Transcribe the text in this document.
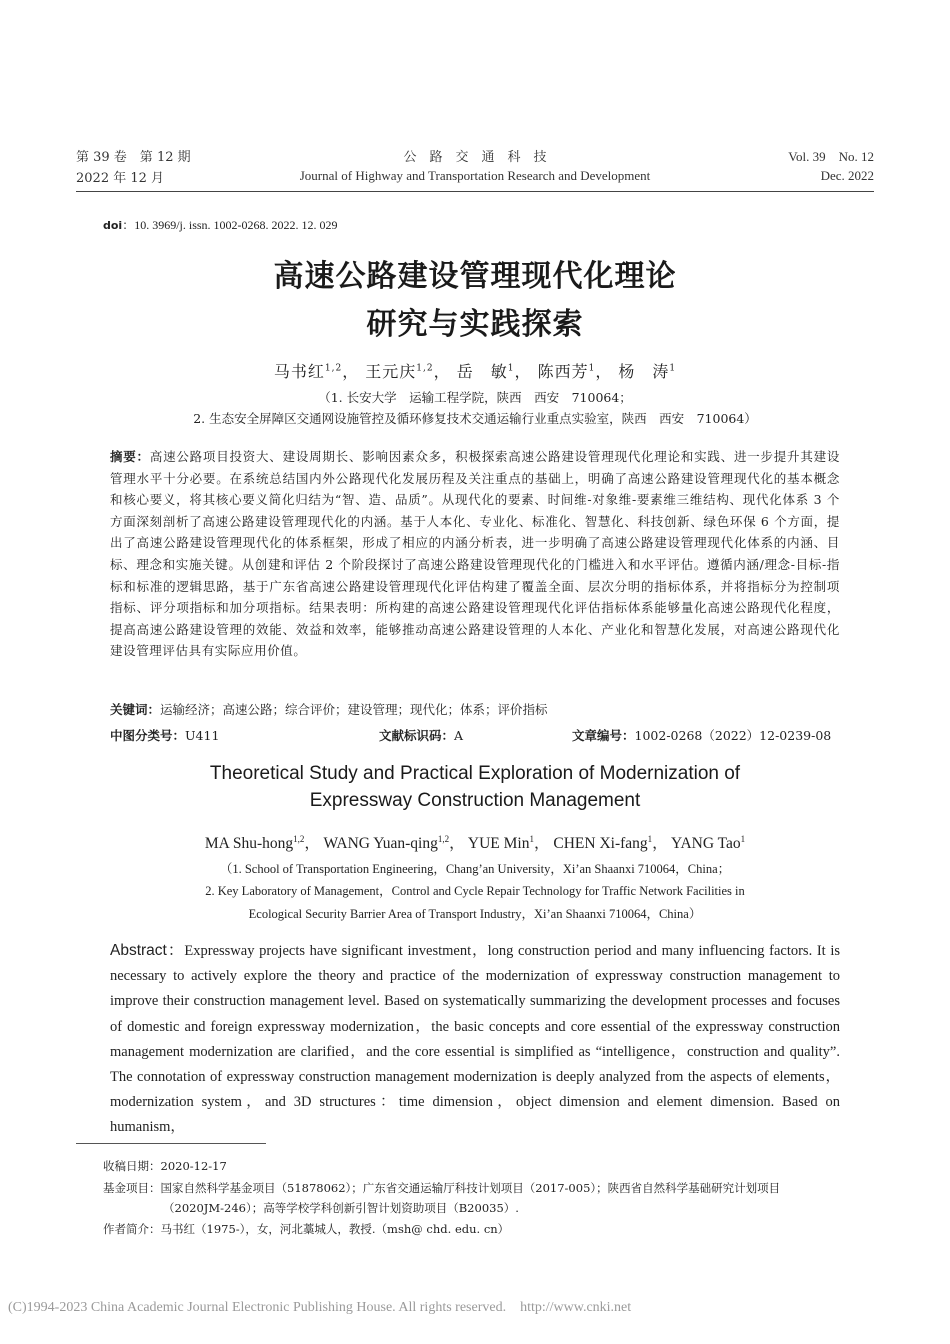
第 39 卷　第 12 期
2022 年 12 月
公　路　交　通　科　技
Journal of Highway and Transportation Research and Development
Vol. 39　No. 12
Dec. 2022
doi：10. 3969/j. issn. 1002-0268. 2022. 12. 029
高速公路建设管理现代化理论
研究与实践探索
马书红$^{1,2}$， 王元庆$^{1,2}$， 岳　敏$^1$， 陈西芳$^1$， 杨　涛$^1$
（1. 长安大学　运输工程学院，陕西　西安　710064；
2. 生态安全屏障区交通网设施管控及循环修复技术交通运输行业重点实验室，陕西　西安　710064）
摘要：高速公路项目投资大、建设周期长、影响因素众多，积极探索高速公路建设管理现代化理论和实践、进一步提升其建设管理水平十分必要。在系统总结国内外公路现代化发展历程及关注重点的基础上，明确了高速公路建设管理现代化的基本概念和核心要义，将其核心要义简化归结为“智、造、品质”。从现代化的要素、时间维-对象维-要素维三维结构、现代化体系 3 个方面深刻剖析了高速公路建设管理现代化的内涵。基于人本化、专业化、标准化、智慧化、科技创新、绿色环保 6 个方面，提出了高速公路建设管理现代化的体系框架，形成了相应的内涵分析表，进一步明确了高速公路建设管理现代化体系的内涵、目标、理念和实施关键。从创建和评估 2 个阶段探讨了高速公路建设管理现代化的门槛进入和水平评估。遵循内涵/理念-目标-指标和标准的逻辑思路，基于广东省高速公路建设管理现代化评估构建了覆盖全面、层次分明的指标体系，并将指标分为控制项指标、评分项指标和加分项指标。结果表明：所构建的高速公路建设管理现代化评估指标体系能够量化高速公路现代化程度，提高高速公路建设管理的效能、效益和效率，能够推动高速公路建设管理的人本化、产业化和智慧化发展，对高速公路现代化建设管理评估具有实际应用价值。
关键词：运输经济；高速公路；综合评价；建设管理；现代化；体系；评价指标
中图分类号：U411	文献标识码：A	文章编号：1002-0268（2022）12-0239-08
Theoretical Study and Practical Exploration of Modernization of
Expressway Construction Management
MA Shu-hong$^{1,2}$， WANG Yuan-qing$^{1,2}$， YUE Min$^1$， CHEN Xi-fang$^1$， YANG Tao$^1$
（1. School of Transportation Engineering，Chang’an University，Xi’an Shaanxi 710064，China；
2. Key Laboratory of Management，Control and Cycle Repair Technology for Traffic Network Facilities in
Ecological Security Barrier Area of Transport Industry，Xi’an Shaanxi 710064，China）
Abstract：Expressway projects have significant investment，long construction period and many influencing factors. It is necessary to actively explore the theory and practice of the modernization of expressway construction management to improve their construction management level. Based on systematically summarizing the development processes and focuses of domestic and foreign expressway modernization，the basic concepts and core essential of the expressway construction management modernization are clarified，and the core essential is simplified as “intelligence，construction and quality”. The connotation of expressway construction management modernization is deeply analyzed from the aspects of elements，modernization system，and 3D structures：time dimension，object dimension and element dimension. Based on humanism，
收稿日期：2020-12-17
基金项目：国家自然科学基金项目（51878062）；广东省交通运输厅科技计划项目（2017-005）；陕西省自然科学基础研究计划项目
（2020JM-246）；高等学校学科创新引智计划资助项目（B20035）.
作者简介：马书红（1975-），女，河北藁城人，教授.（msh@ chd. edu. cn）
(C)1994-2023 China Academic Journal Electronic Publishing House. All rights reserved.　http://www.cnki.net
